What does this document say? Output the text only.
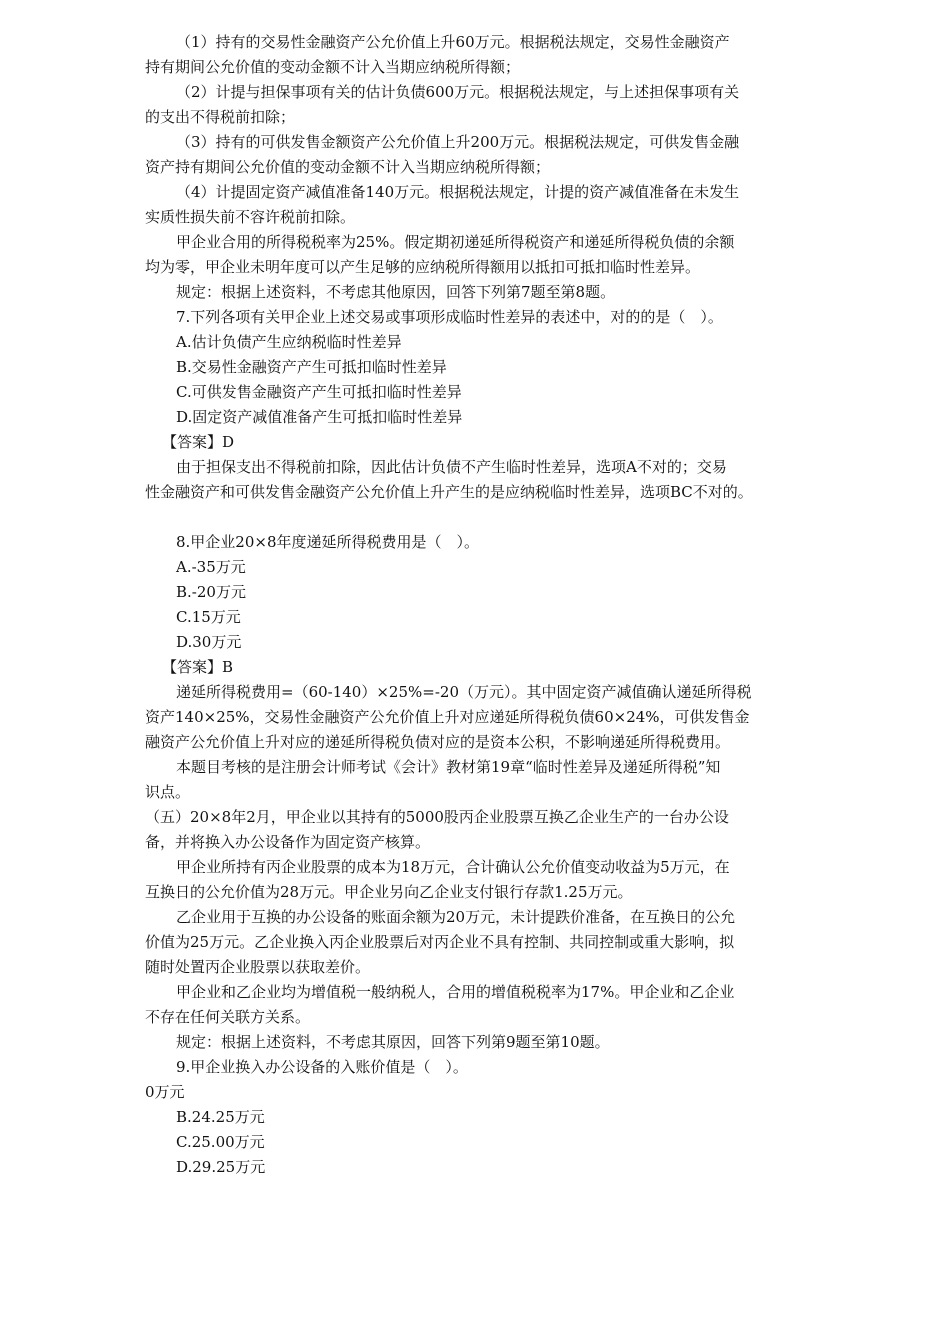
（1）持有的交易性金融资产公允价值上升60万元。根据税法规定，交易性金融资产
持有期间公允价值的变动金额不计入当期应纳税所得额；
（2）计提与担保事项有关的估计负债600万元。根据税法规定，与上述担保事项有关
的支出不得税前扣除；
（3）持有的可供发售金额资产公允价值上升200万元。根据税法规定，可供发售金融
资产持有期间公允价值的变动金额不计入当期应纳税所得额；
（4）计提固定资产减值准备140万元。根据税法规定，计提的资产减值准备在未发生
实质性损失前不容许税前扣除。
甲企业合用的所得税税率为25%。假定期初递延所得税资产和递延所得税负债的余额
均为零，甲企业未明年度可以产生足够的应纳税所得额用以抵扣可抵扣临时性差异。
规定：根据上述资料，不考虑其他原因，回答下列第7题至第8题。
7.下列各项有关甲企业上述交易或事项形成临时性差异的表述中，对的的是（　）。
A.估计负债产生应纳税临时性差异
B.交易性金融资产产生可抵扣临时性差异
C.可供发售金融资产产生可抵扣临时性差异
D.固定资产减值准备产生可抵扣临时性差异
【答案】D
由于担保支出不得税前扣除，因此估计负债不产生临时性差异，选项A不对的；交易
性金融资产和可供发售金融资产公允价值上升产生的是应纳税临时性差异，选项BC不对的。
8.甲企业20×8年度递延所得税费用是（　）。
A.-35万元
B.-20万元
C.15万元
D.30万元
【答案】B
递延所得税费用=（60-140）×25%=-20（万元）。其中固定资产减值确认递延所得税
资产140×25%，交易性金融资产公允价值上升对应递延所得税负债60×24%，可供发售金
融资产公允价值上升对应的递延所得税负债对应的是资本公积，不影响递延所得税费用。
本题目考核的是注册会计师考试《会计》教材第19章“临时性差异及递延所得税”知
识点。
（五）20×8年2月，甲企业以其持有的5000股丙企业股票互换乙企业生产的一台办公设
备，并将换入办公设备作为固定资产核算。
甲企业所持有丙企业股票的成本为18万元，合计确认公允价值变动收益为5万元，在
互换日的公允价值为28万元。甲企业另向乙企业支付银行存款1.25万元。
乙企业用于互换的办公设备的账面余额为20万元，未计提跌价准备，在互换日的公允
价值为25万元。乙企业换入丙企业股票后对丙企业不具有控制、共同控制或重大影响，拟
随时处置丙企业股票以获取差价。
甲企业和乙企业均为增值税一般纳税人，合用的增值税税率为17%。甲企业和乙企业
不存在任何关联方关系。
规定：根据上述资料，不考虑其原因，回答下列第9题至第10题。
9.甲企业换入办公设备的入账价值是（　）。
0万元
B.24.25万元
C.25.00万元
D.29.25万元
